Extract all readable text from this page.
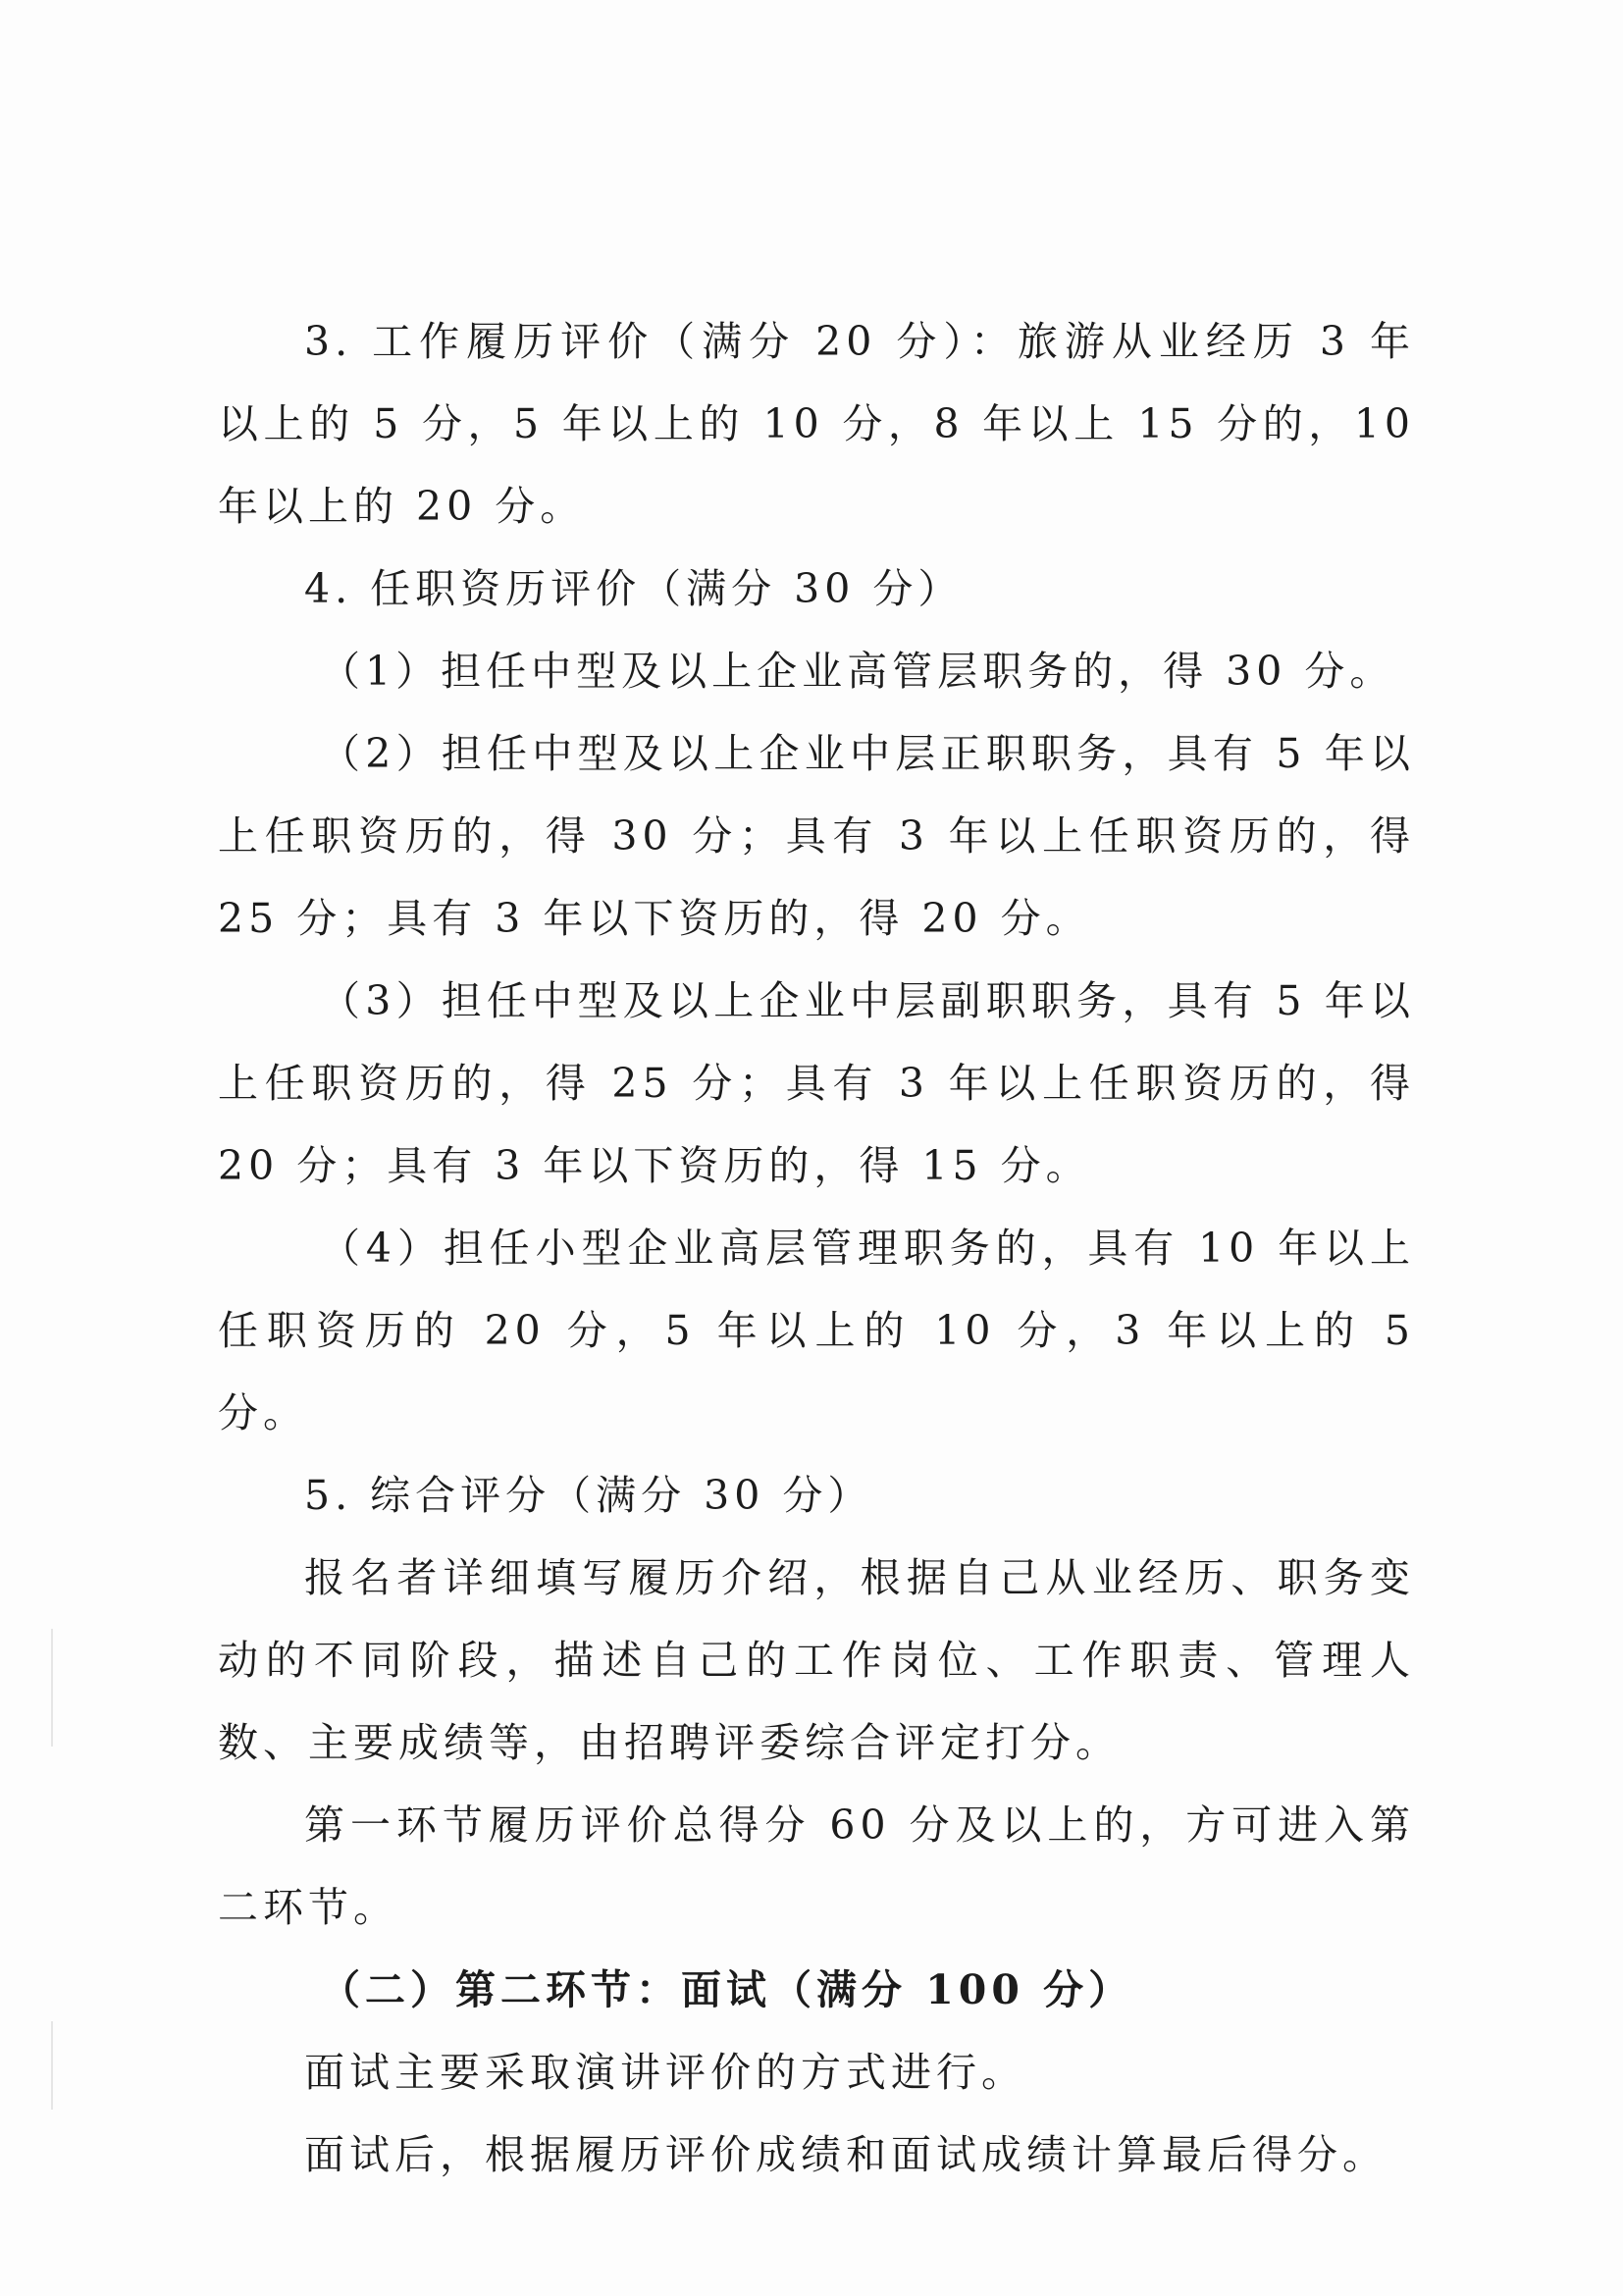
3. 工作履历评价（满分 20 分）：旅游从业经历 3 年以上的 5 分，5 年以上的 10 分，8 年以上 15 分的，10 年以上的 20 分。

4. 任职资历评价（满分 30 分）

（1）担任中型及以上企业高管层职务的，得 30 分。

（2）担任中型及以上企业中层正职职务，具有 5 年以上任职资历的，得 30 分；具有 3 年以上任职资历的，得 25 分；具有 3 年以下资历的，得 20 分。

（3）担任中型及以上企业中层副职职务，具有 5 年以上任职资历的，得 25 分；具有 3 年以上任职资历的，得 20 分；具有 3 年以下资历的，得 15 分。

（4）担任小型企业高层管理职务的，具有 10 年以上任职资历的 20 分，5 年以上的 10 分，3 年以上的 5 分。

5. 综合评分（满分 30 分）

报名者详细填写履历介绍，根据自己从业经历、职务变动的不同阶段，描述自己的工作岗位、工作职责、管理人数、主要成绩等，由招聘评委综合评定打分。

第一环节履历评价总得分 60 分及以上的，方可进入第二环节。

（二）第二环节：面试（满分 100 分）

面试主要采取演讲评价的方式进行。

面试后，根据履历评价成绩和面试成绩计算最后得分。
